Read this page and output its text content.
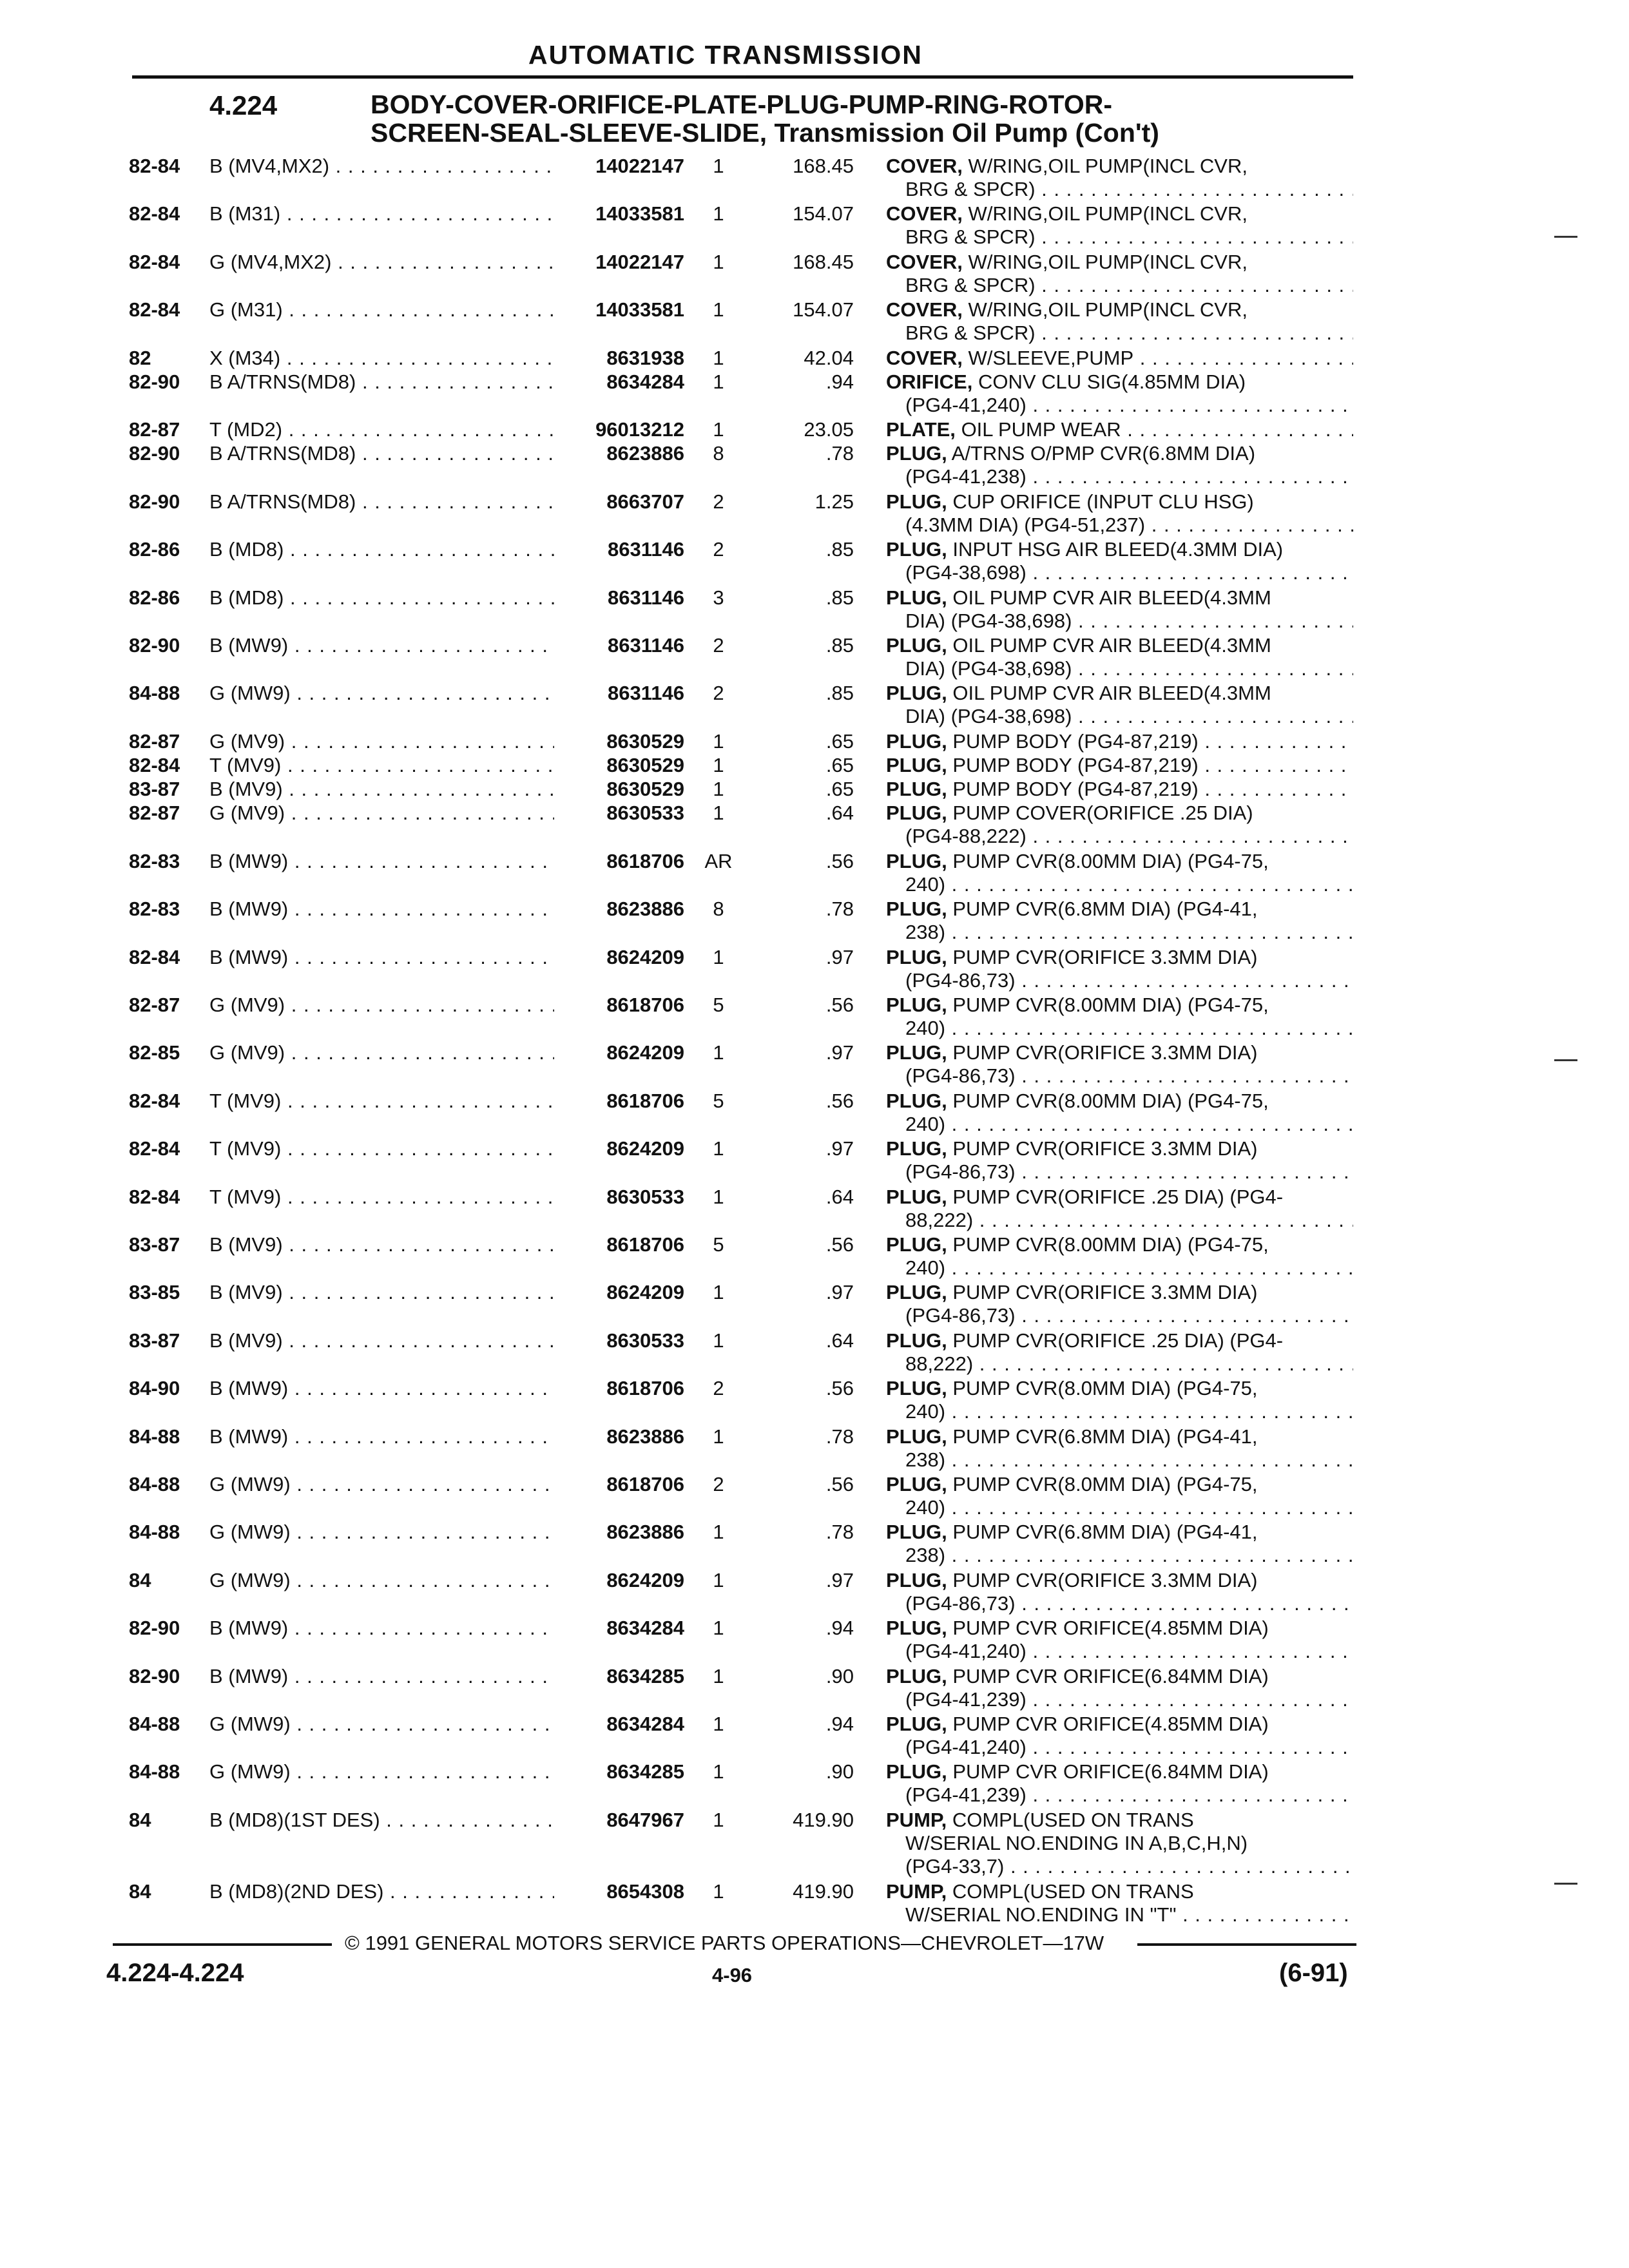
AUTOMATIC TRANSMISSION
4.224	BODY-COVER-ORIFICE-PLATE-PLUG-PUMP-RING-ROTOR-
SCREEN-SEAL-SLEEVE-SLIDE, Transmission Oil Pump (Con't)
82-84 B (MV4,MX2) . . .	14022147	1	168.45 COVER, W/RING,OIL PUMP(INCL CVR,
BRG & SPCR) . . .
82-84 B (M31) . . .	14033581	1	154.07 COVER, W/RING,OIL PUMP(INCL CVR,
BRG & SPCR) . . .
82-84 G (MV4,MX2) . . .	14022147	1	168.45 COVER, W/RING,OIL PUMP(INCL CVR,
BRG & SPCR) . . .
82-84 G (M31) . . .	14033581	1	154.07 COVER, W/RING,OIL PUMP(INCL CVR,
BRG & SPCR) . . .
82	X (M34) . . .	8631938	1	42.04 COVER, W/SLEEVE,PUMP . . .
82-90 B A/TRNS(MD8) . . .	8634284	1	.94 ORIFICE, CONV CLU SIG(4.85MM DIA)
(PG4-41,240) . . .
82-87 T (MD2) . . .	96013212	1	23.05 PLATE, OIL PUMP WEAR . . .
82-90 B A/TRNS(MD8) . . .	8623886	8	.78 PLUG, A/TRNS O/PMP CVR(6.8MM DIA)
(PG4-41,238) . . .
82-90 B A/TRNS(MD8) . . .	8663707	2	1.25 PLUG, CUP ORIFICE (INPUT CLU HSG)
(4.3MM DIA) (PG4-51,237) . . .
82-86 B (MD8) . . .	8631146	2	.85 PLUG, INPUT HSG AIR BLEED(4.3MM DIA)
(PG4-38,698) . . .
82-86 B (MD8) . . .	8631146	3	.85 PLUG, OIL PUMP CVR AIR BLEED(4.3MM
DIA) (PG4-38,698) . . .
82-90 B (MW9) . . .	8631146	2	.85 PLUG, OIL PUMP CVR AIR BLEED(4.3MM
DIA) (PG4-38,698) . . .
84-88 G (MW9) . . .	8631146	2	.85 PLUG, OIL PUMP CVR AIR BLEED(4.3MM
DIA) (PG4-38,698) . . .
82-87 G (MV9) . . .	8630529	1	.65 PLUG, PUMP BODY (PG4-87,219) . . .
82-84 T (MV9) . . .	8630529	1	.65 PLUG, PUMP BODY (PG4-87,219) . . .
83-87 B (MV9) . . .	8630529	1	.65 PLUG, PUMP BODY (PG4-87,219) . . .
82-87 G (MV9) . . .	8630533	1	.64 PLUG, PUMP COVER(ORIFICE .25 DIA)
(PG4-88,222) . . .
82-83 B (MW9) . . .	8618706 AR	.56 PLUG, PUMP CVR(8.00MM DIA) (PG4-75,
240) . . .
82-83 B (MW9) . . .	8623886	8	.78 PLUG, PUMP CVR(6.8MM DIA) (PG4-41,
238) . . .
82-84 B (MW9) . . .	8624209	1	.97 PLUG, PUMP CVR(ORIFICE 3.3MM DIA)
(PG4-86,73) . . .
82-87 G (MV9) . . .	8618706	5	.56 PLUG, PUMP CVR(8.00MM DIA) (PG4-75,
240) . . .
82-85 G (MV9) . . .	8624209	1	.97 PLUG, PUMP CVR(ORIFICE 3.3MM DIA)
(PG4-86,73) . . .
82-84 T (MV9) . . .	8618706	5	.56 PLUG, PUMP CVR(8.00MM DIA) (PG4-75,
240) . . .
82-84 T (MV9) . . .	8624209	1	.97 PLUG, PUMP CVR(ORIFICE 3.3MM DIA)
(PG4-86,73) . . .
82-84 T (MV9) . . .	8630533	1	.64 PLUG, PUMP CVR(ORIFICE .25 DIA) (PG4-
88,222) . . .
83-87 B (MV9) . . .	8618706	5	.56 PLUG, PUMP CVR(8.00MM DIA) (PG4-75,
240) . . .
83-85 B (MV9) . . .	8624209	1	.97 PLUG, PUMP CVR(ORIFICE 3.3MM DIA)
(PG4-86,73) . . .
83-87 B (MV9) . . .	8630533	1	.64 PLUG, PUMP CVR(ORIFICE .25 DIA) (PG4-
88,222) . . .
84-90 B (MW9) . . .	8618706	2	.56 PLUG, PUMP CVR(8.0MM DIA) (PG4-75,
240) . . .
84-88 B (MW9) . . .	8623886	1	.78 PLUG, PUMP CVR(6.8MM DIA) (PG4-41,
238) . . .
84-88 G (MW9) . . .	8618706	2	.56 PLUG, PUMP CVR(8.0MM DIA) (PG4-75,
240) . . .
84-88 G (MW9) . . .	8623886	1	.78 PLUG, PUMP CVR(6.8MM DIA) (PG4-41,
238) . . .
84	G (MW9) . . .	8624209	1	.97 PLUG, PUMP CVR(ORIFICE 3.3MM DIA)
(PG4-86,73) . . .
82-90 B (MW9) . . .	8634284	1	.94 PLUG, PUMP CVR ORIFICE(4.85MM DIA)
(PG4-41,240) . . .
82-90 B (MW9) . . .	8634285	1	.90 PLUG, PUMP CVR ORIFICE(6.84MM DIA)
(PG4-41,239) . . .
84-88 G (MW9) . . .	8634284	1	.94 PLUG, PUMP CVR ORIFICE(4.85MM DIA)
(PG4-41,240) . . .
84-88 G (MW9) . . .	8634285	1	.90 PLUG, PUMP CVR ORIFICE(6.84MM DIA)
(PG4-41,239) . . .
84	B (MD8)(1ST DES) . . .	8647967	1	419.90 PUMP, COMPL(USED ON TRANS
W/SERIAL NO.ENDING IN A,B,C,H,N)
(PG4-33,7) . . .
84	B (MD8)(2ND DES) . . .	8654308	1	419.90 PUMP, COMPL(USED ON TRANS
W/SERIAL NO.ENDING IN "T" . . .
© 1991 GENERAL MOTORS SERVICE PARTS OPERATIONS—CHEVROLET—17W
4.224-4.224	4-96	(6-91)
